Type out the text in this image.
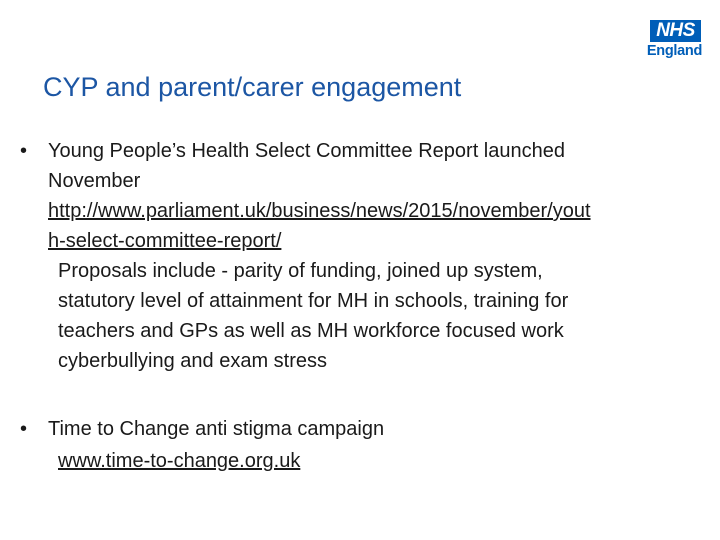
NHS
England
CYP and parent/carer engagement
• Young People’s Health Select Committee Report launched
November
http://www.parliament.uk/business/news/2015/november/yout
h-select-committee-report/
Proposals include - parity of funding, joined up system,
statutory level of attainment for MH in schools, training for
teachers and GPs as well as MH workforce focused work
cyberbullying and exam stress
• Time to Change anti stigma campaign
www.time-to-change.org.uk
